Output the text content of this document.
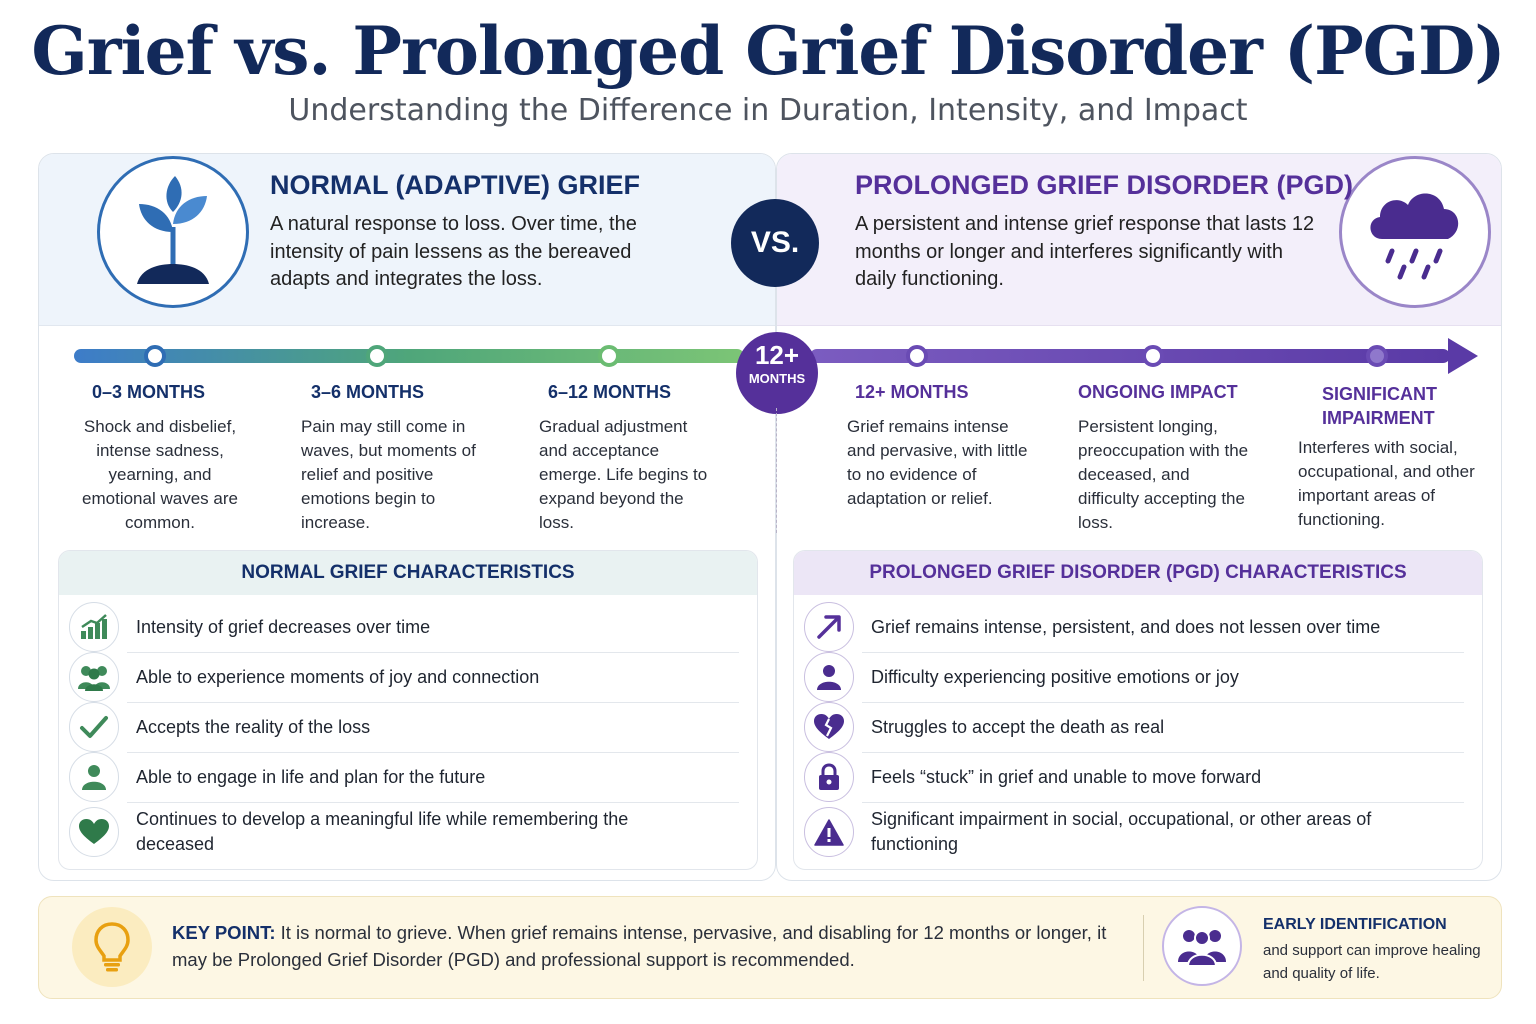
Grief vs. Prolonged Grief Disorder (PGD)
Understanding the Difference in Duration, Intensity, and Impact
NORMAL (ADAPTIVE) GRIEF
A natural response to loss. Over time, the intensity of pain lessens as the bereaved adapts and integrates the loss.
PROLONGED GRIEF DISORDER (PGD)
A persistent and intense grief response that lasts 12 months or longer and interferes significantly with daily functioning.
VS.
12+
MONTHS
0–3 MONTHS
Shock and disbelief, intense sadness, yearning, and emotional waves are common.
3–6 MONTHS
Pain may still come in waves, but moments of relief and positive emotions begin to increase.
6–12 MONTHS
Gradual adjustment and acceptance emerge. Life begins to expand beyond the loss.
12+ MONTHS
Grief remains intense and pervasive, with little to no evidence of adaptation or relief.
ONGOING IMPACT
Persistent longing, preoccupation with the deceased, and difficulty accepting the loss.
SIGNIFICANT IMPAIRMENT
Interferes with social, occupational, and other important areas of functioning.
NORMAL GRIEF CHARACTERISTICS
Intensity of grief decreases over time
Able to experience moments of joy and connection
Accepts the reality of the loss
Able to engage in life and plan for the future
Continues to develop a meaningful life while remembering the deceased
PROLONGED GRIEF DISORDER (PGD) CHARACTERISTICS
Grief remains intense, persistent, and does not lessen over time
Difficulty experiencing positive emotions or joy
Struggles to accept the death as real
Feels “stuck” in grief and unable to move forward
Significant impairment in social, occupational, or other areas of functioning
KEY POINT: It is normal to grieve. When grief remains intense, pervasive, and disabling for 12 months or longer, it may be Prolonged Grief Disorder (PGD) and professional support is recommended.
EARLY IDENTIFICATION
and support can improve healing and quality of life.
